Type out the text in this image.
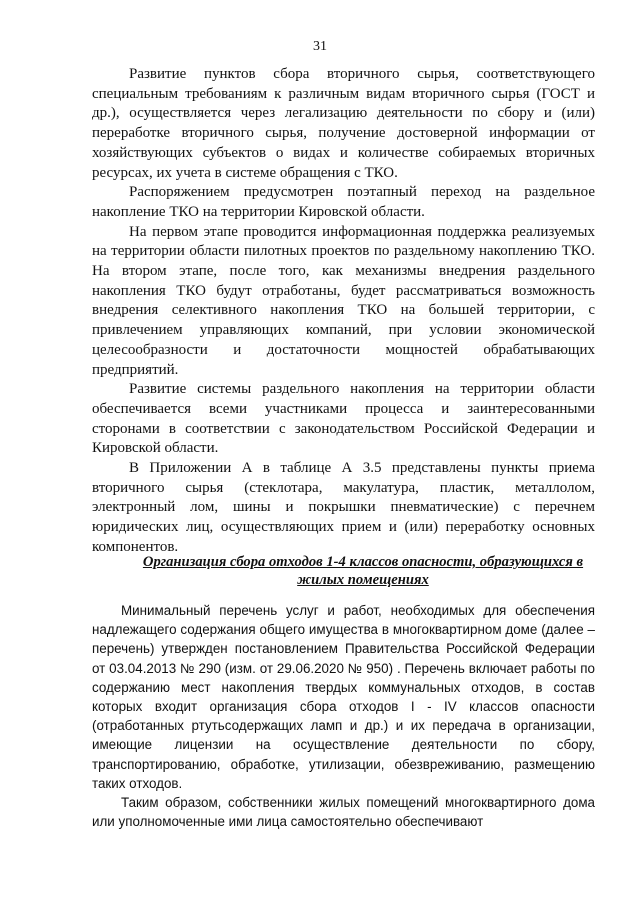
31

Развитие пунктов сбора вторичного сырья, соответствующего специальным требованиям к различным видам вторичного сырья (ГОСТ и др.), осуществляется через легализацию деятельности по сбору и (или) переработке вторичного сырья, получение достоверной информации от хозяйствующих субъектов о видах и количестве собираемых вторичных ресурсах, их учета в системе обращения с ТКО.

Распоряжением предусмотрен поэтапный переход на раздельное накопление ТКО на территории Кировской области.

На первом этапе проводится информационная поддержка реализуемых на территории области пилотных проектов по раздельному накоплению ТКО. На втором этапе, после того, как механизмы внедрения раздельного накопления ТКО будут отработаны, будет рассматриваться возможность внедрения селективного накопления ТКО на большей территории, с привлечением управляющих компаний, при условии экономической целесообразности и достаточности мощностей обрабатывающих предприятий.

Развитие системы раздельного накопления на территории области обеспечивается всеми участниками процесса и заинтересованными сторонами в соответствии с законодательством Российской Федерации и Кировской области.

В Приложении А в таблице А 3.5 представлены пункты приема вторичного сырья (стеклотара, макулатура, пластик, металлолом, электронный лом, шины и покрышки пневматические) с перечнем юридических лиц, осуществляющих прием и (или) переработку основных компонентов.

Организация сбора отходов 1-4 классов опасности, образующихся в жилых помещениях

Минимальный перечень услуг и работ, необходимых для обеспечения надлежащего содержания общего имущества в многоквартирном доме (далее – перечень) утвержден постановлением Правительства Российской Федерации от 03.04.2013 № 290 (изм. от 29.06.2020 № 950) . Перечень включает работы по содержанию мест накопления твердых коммунальных отходов, в состав которых входит организация сбора отходов I - IV классов опасности (отработанных ртутьсодержащих ламп и др.) и их передача в организации, имеющие лицензии на осуществление деятельности по сбору, транспортированию, обработке, утилизации, обезвреживанию, размещению таких отходов.

Таким образом, собственники жилых помещений многоквартирного дома или уполномоченные ими лица самостоятельно обеспечивают
